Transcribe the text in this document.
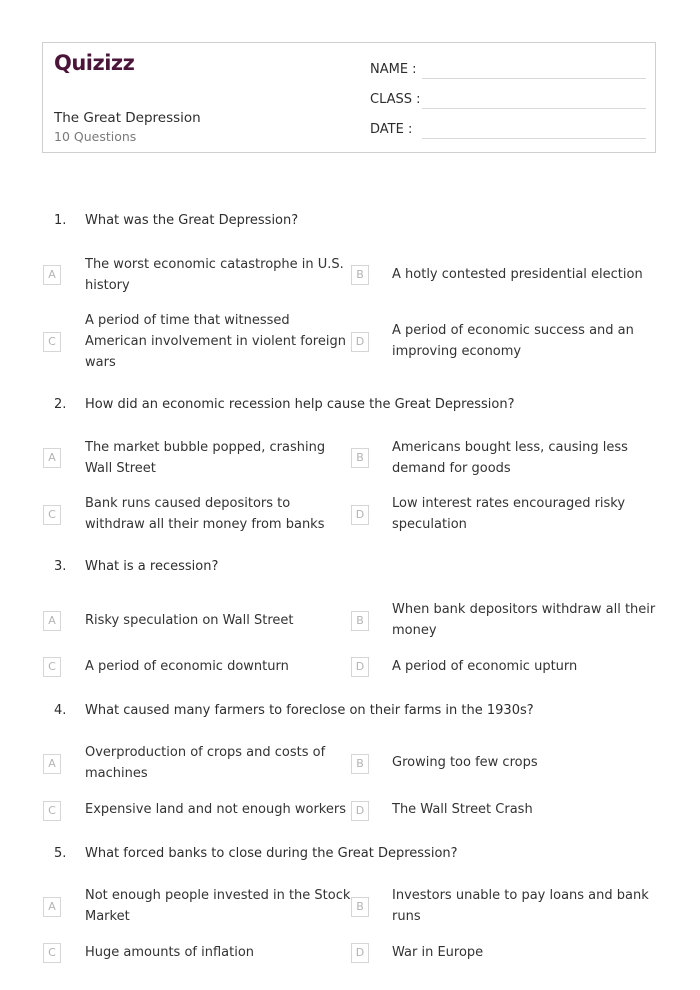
Quizizz
The Great Depression
10 Questions
NAME :
CLASS :
DATE :
1. What was the Great Depression?
A
The worst economic catastrophe in U.S. history
B	A hotly contested presidential election
C
A period of time that witnessed American involvement in violent foreign wars
D
A period of economic success and an improving economy
2. How did an economic recession help cause the Great Depression?
A
The market bubble popped, crashing Wall Street
B
Americans bought less, causing less demand for goods
C
Bank runs caused depositors to withdraw all their money from banks
D
Low interest rates encouraged risky speculation
3. What is a recession?
A	Risky speculation on Wall Street	B
When bank depositors withdraw all their money
C	A period of economic downturn	D	A period of economic upturn
4. What caused many farmers to foreclose on their farms in the 1930s?
A
Overproduction of crops and costs of machines
B	Growing too few crops
C	Expensive land and not enough workers D	The Wall Street Crash
5. What forced banks to close during the Great Depression?
A
Not enough people invested in the Stock Market
B
Investors unable to pay loans and bank runs
C	Huge amounts of inflation	D	War in Europe
